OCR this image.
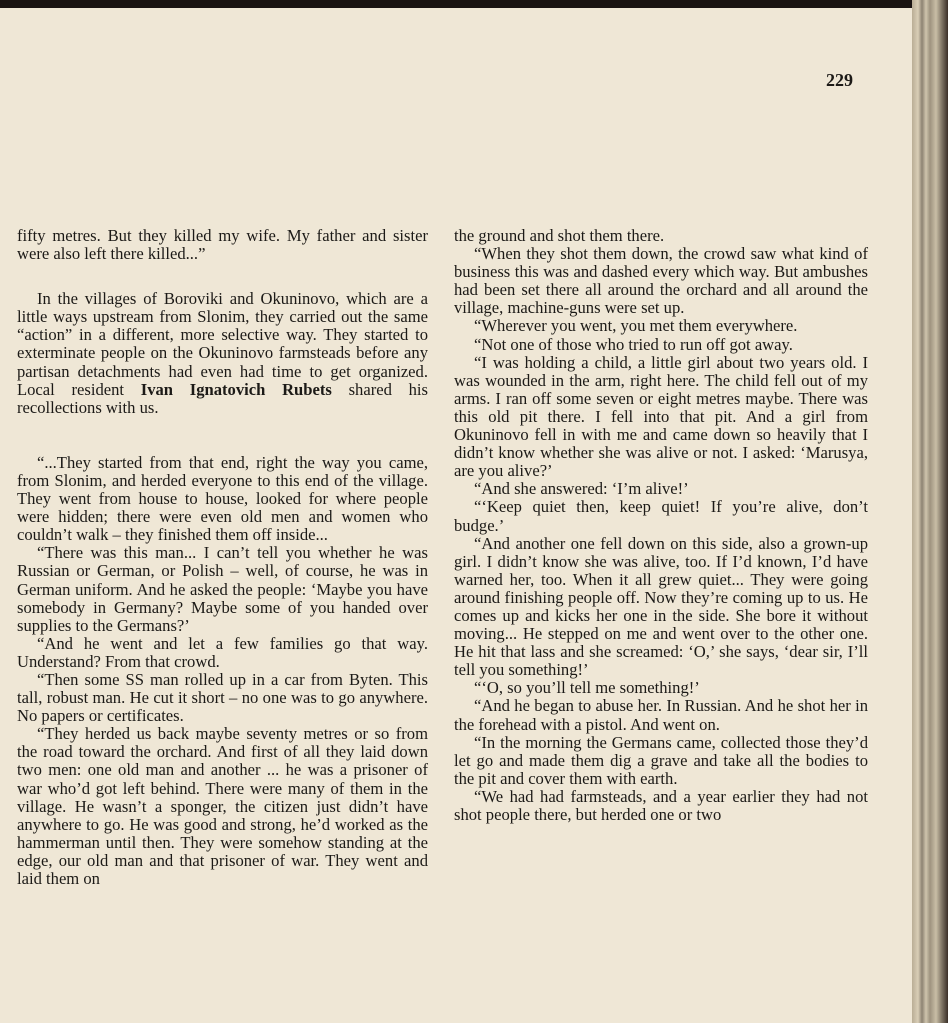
229

fifty metres. But they killed my wife. My father and sister were also left there killed...”

In the villages of Boroviki and Okuninovo, which are a little ways upstream from Slonim, they carried out the same “action” in a different, more selective way. They started to exterminate people on the Okuninovo farmsteads before any partisan detachments had even had time to get organized. Local resident Ivan Ignatovich Rubets shared his recollections with us.

“...They started from that end, right the way you came, from Slonim, and herded everyone to this end of the village. They went from house to house, looked for where people were hidden; there were even old men and women who couldn’t walk – they finished them off inside...

“There was this man... I can’t tell you whether he was Russian or German, or Polish – well, of course, he was in German uniform. And he asked the people: ‘Maybe you have somebody in Germany? Maybe some of you handed over supplies to the Germans?’

“And he went and let a few families go that way. Understand? From that crowd.

“Then some SS man rolled up in a car from Byten. This tall, robust man. He cut it short – no one was to go anywhere. No papers or certificates.

“They herded us back maybe seventy metres or so from the road toward the orchard. And first of all they laid down two men: one old man and another ... he was a prisoner of war who’d got left behind. There were many of them in the village. He wasn’t a sponger, the citizen just didn’t have anywhere to go. He was good and strong, he’d worked as the hammerman until then. They were somehow standing at the edge, our old man and that prisoner of war. They went and laid them on

the ground and shot them there.

“When they shot them down, the crowd saw what kind of business this was and dashed every which way. But ambushes had been set there all around the orchard and all around the village, machine-guns were set up.

“Wherever you went, you met them everywhere.

“Not one of those who tried to run off got away.

“I was holding a child, a little girl about two years old. I was wounded in the arm, right here. The child fell out of my arms. I ran off some seven or eight metres maybe. There was this old pit there. I fell into that pit. And a girl from Okuninovo fell in with me and came down so heavily that I didn’t know whether she was alive or not. I asked: ‘Marusya, are you alive?’

“And she answered: ‘I’m alive!’

“‘Keep quiet then, keep quiet! If you’re alive, don’t budge.’

“And another one fell down on this side, also a grown-up girl. I didn’t know she was alive, too. If I’d known, I’d have warned her, too. When it all grew quiet... They were going around finishing people off. Now they’re coming up to us. He comes up and kicks her one in the side. She bore it without moving... He stepped on me and went over to the other one. He hit that lass and she screamed: ‘O,’ she says, ‘dear sir, I’ll tell you something!’

“‘O, so you’ll tell me something!’

“And he began to abuse her. In Russian. And he shot her in the forehead with a pistol. And went on.

“In the morning the Germans came, collected those they’d let go and made them dig a grave and take all the bodies to the pit and cover them with earth.

“We had had farmsteads, and a year earlier they had not shot people there, but herded one or two
